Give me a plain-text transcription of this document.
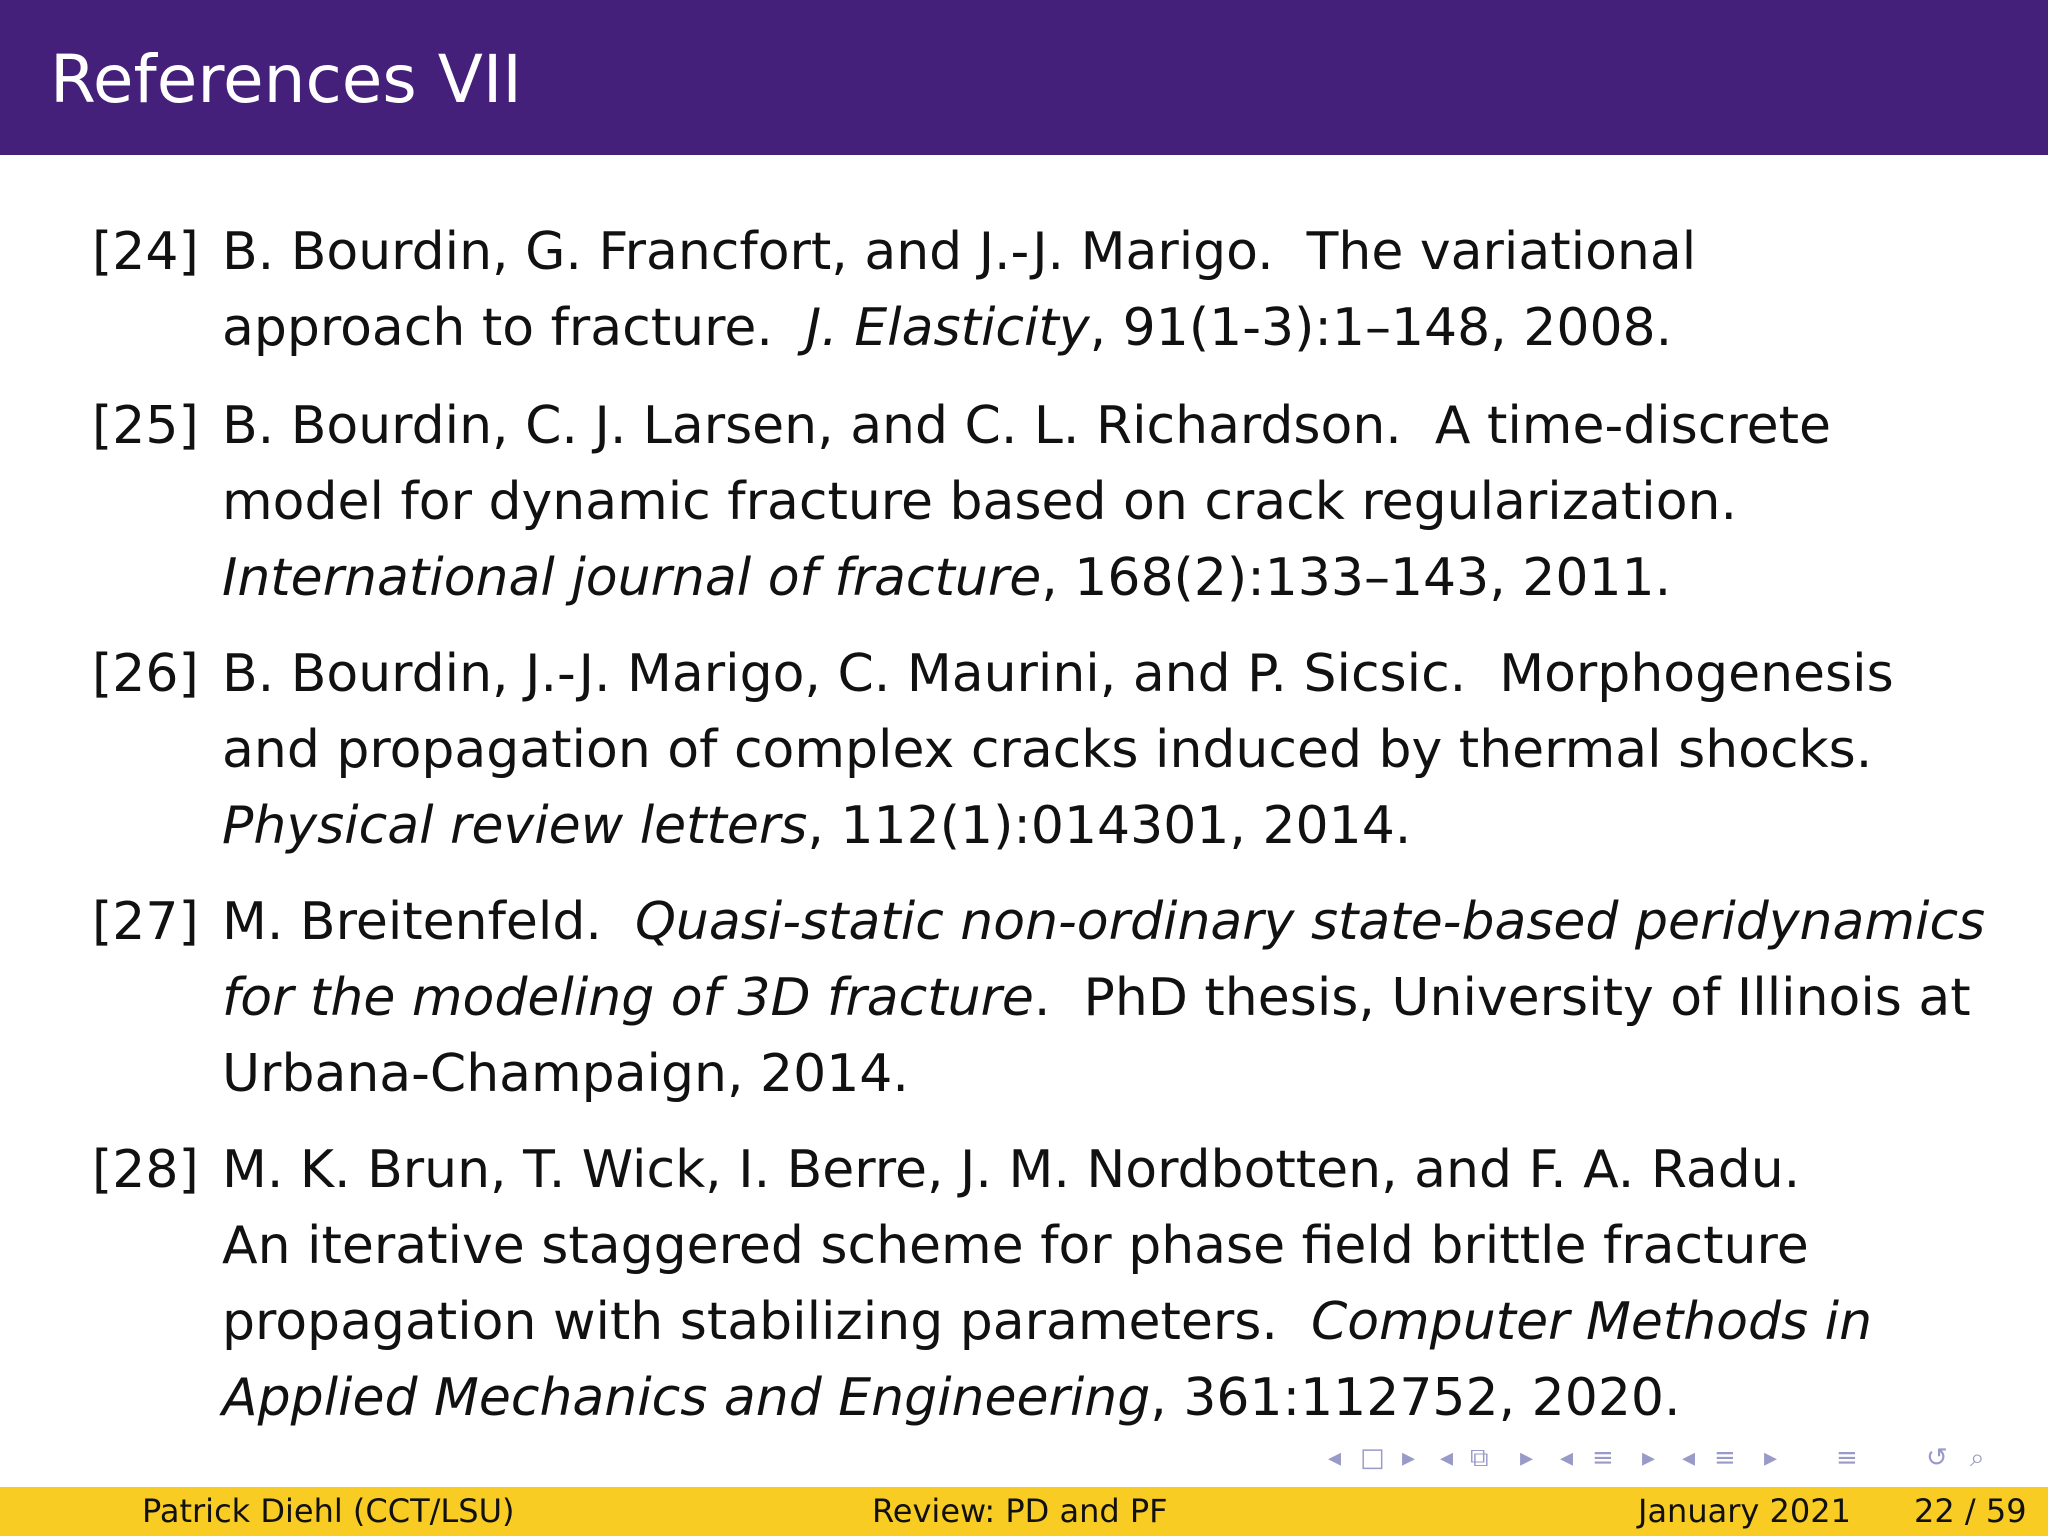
References VII
[24] B. Bourdin, G. Francfort, and J.-J. Marigo.  The variational
approach to fracture.  J. Elasticity, 91(1-3):1–148, 2008.
[25] B. Bourdin, C. J. Larsen, and C. L. Richardson.  A time-discrete
model for dynamic fracture based on crack regularization.
International journal of fracture, 168(2):133–143, 2011.
[26] B. Bourdin, J.-J. Marigo, C. Maurini, and P. Sicsic.  Morphogenesis
and propagation of complex cracks induced by thermal shocks.
Physical review letters, 112(1):014301, 2014.
[27] M. Breitenfeld.  Quasi-static non-ordinary state-based peridynamics
for the modeling of 3D fracture.  PhD thesis, University of Illinois at
Urbana-Champaign, 2014.
[28] M. K. Brun, T. Wick, I. Berre, J. M. Nordbotten, and F. A. Radu.
An iterative staggered scheme for phase field brittle fracture
propagation with stabilizing parameters.  Computer Methods in
Applied Mechanics and Engineering, 361:112752, 2020.
◂ □ ▸ ◂ ⧉ ▸ ◂ ≡ ▸ ◂ ≡ ▸ ≡	↺ ⌕
Patrick Diehl (CCT/LSU)	Review: PD and PF	January 2021 22 / 59
